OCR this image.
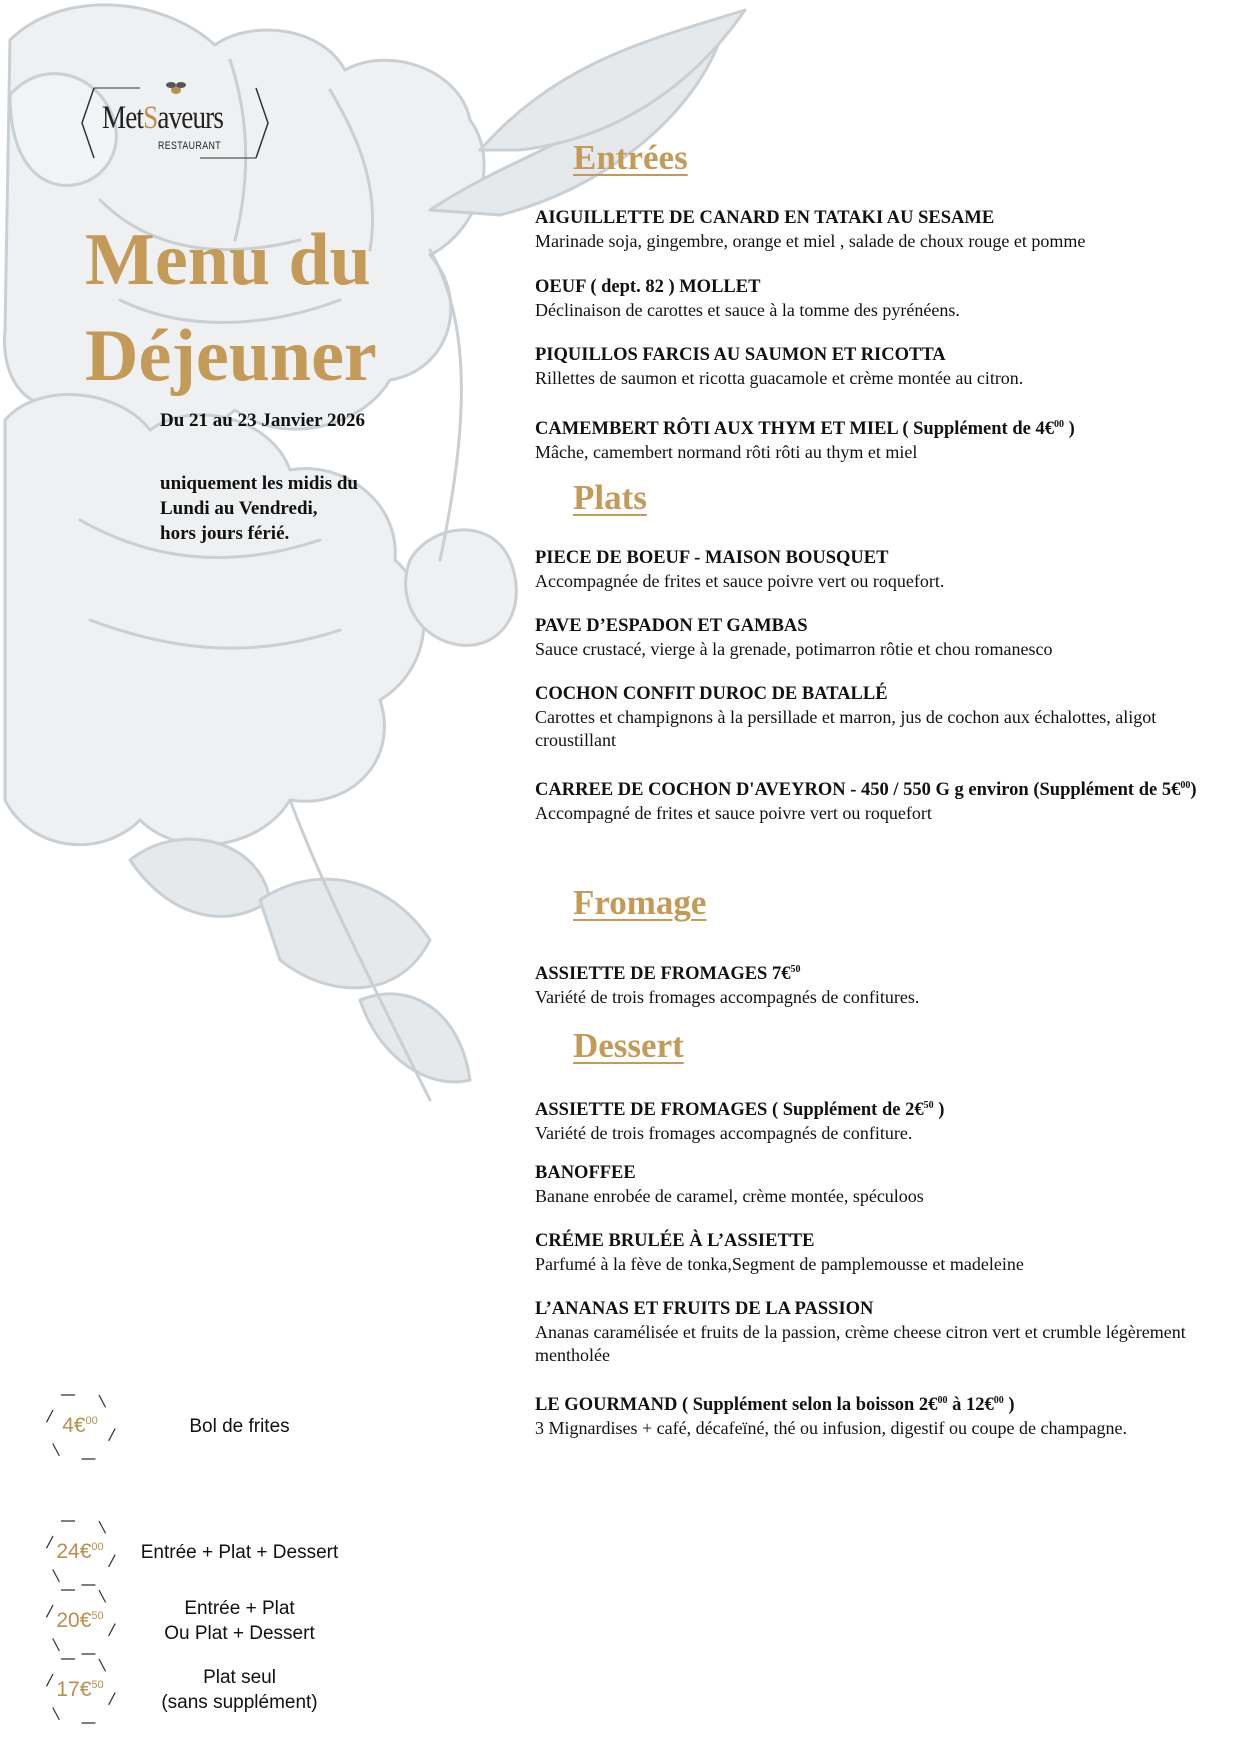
MetSaveurs
RESTAURANT
Menu du
Déjeuner
Du 21 au 23 Janvier 2026
uniquement les midis du
Lundi au Vendredi,
hors jours férié.
Entrées
Plats
Fromage
Dessert
AIGUILLETTE DE CANARD EN TATAKI AU SESAME
Marinade soja, gingembre, orange et miel , salade de choux rouge et pomme
OEUF ( dept. 82 ) MOLLET
Déclinaison de carottes et sauce à la tomme des pyrénéens.
PIQUILLOS FARCIS AU SAUMON ET RICOTTA
Rillettes de saumon et ricotta guacamole et crème montée au citron.
CAMEMBERT RÔTI AUX THYM ET MIEL ( Supplément de 4€$^{00}$ )
Mâche, camembert normand rôti rôti au thym et miel
PIECE DE BOEUF - MAISON BOUSQUET
Accompagnée de frites et sauce poivre vert ou roquefort.
PAVE D’ESPADON ET GAMBAS
Sauce crustacé, vierge à la grenade, potimarron rôtie et chou romanesco
COCHON CONFIT DUROC DE BATALLÉ
Carottes et champignons à la persillade et marron, jus de cochon aux échalottes, aligot croustillant
CARREE DE COCHON D'AVEYRON - 450 / 550 G g environ (Supplément de 5€$^{00}$)
Accompagné de frites et sauce poivre vert ou roquefort
ASSIETTE DE FROMAGES 7€$^{50}$
Variété de trois fromages accompagnés de confitures.
ASSIETTE DE FROMAGES ( Supplément de 2€$^{50}$ )
Variété de trois fromages accompagnés de confiture.
BANOFFEE
Banane enrobée de caramel, crème montée, spéculoos
CRÉME BRULÉE À L’ASSIETTE
Parfumé à la fève de tonka,Segment de pamplemousse et madeleine
L’ANANAS ET FRUITS DE LA PASSION
Ananas caramélisée et fruits de la passion, crème cheese citron vert et crumble légèrement mentholée
LE GOURMAND ( Supplément selon la boisson 2€$^{00}$ à 12€$^{00}$ )
3 Mignardises + café, décafeïné, thé ou infusion, digestif ou coupe de champagne.
4€$^{00}$	Bol de frites
24€$^{00}$	Entrée + Plat + Dessert
20€$^{50}$	Entrée + Plat
Ou Plat + Dessert
17€$^{50}$	Plat seul
(sans supplément)
